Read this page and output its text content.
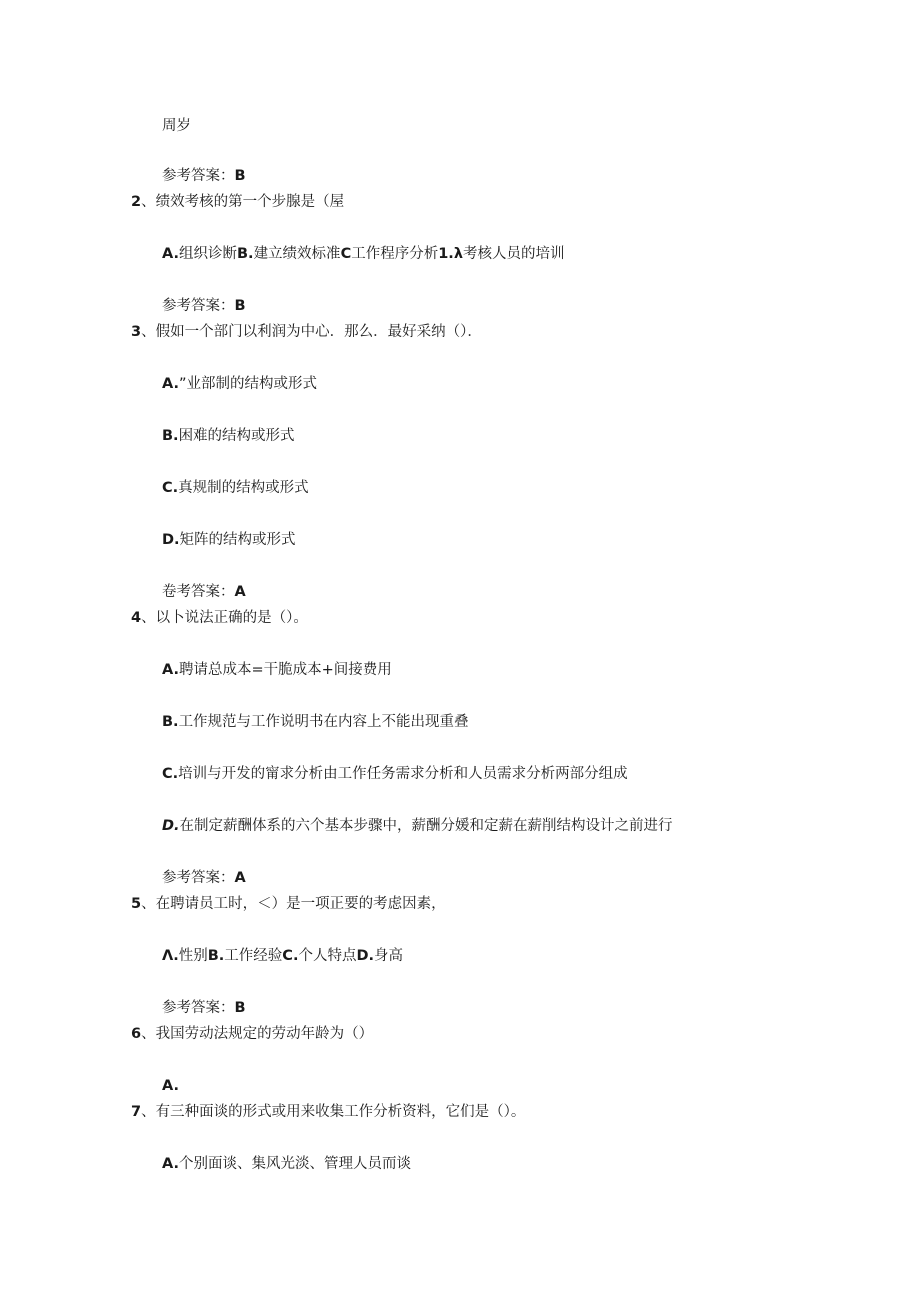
周岁
参考答案：B
2、绩效考核的第一个步腺是（屋
A.组织诊断B.建立绩效标准C工作程序分析1.λ考核人员的培训
参考答案：B
3、假如一个部门以利润为中心．那么．最好采纳（）．
A.”业部制的结构或形式
B.困难的结构或形式
C.真规制的结构或形式
D.矩阵的结构或形式
卷考答案：A
4、以卜说法正确的是（）。
A.聘请总成本=干脆成本+间接费用
B.工作规范与工作说明书在内容上不能出现重叠
C.培训与开发的甯求分析由工作任务需求分析和人员需求分析两部分组成
D.在制定薪酬体系的六个基本步骤中，薪酬分媛和定薪在薪削结构设计之前进行
参考答案：A
5、在聘请员工时，＜）是一项正要的考虑因素，
Λ.性别B.工作经验C.个人特点D.身高
参考答案：B
6、我国劳动法规定的劳动年龄为（）
A.
7、有三种面谈的形式或用来收集工作分析资料，它们是（）。
A.个别面谈、集风光淡、管理人员而谈
